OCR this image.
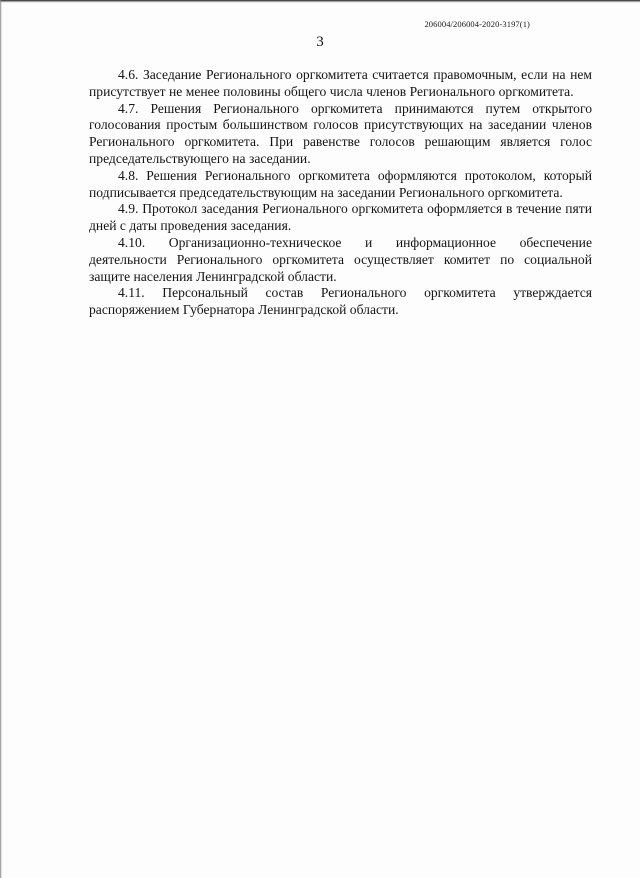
206004/206004-2020-3197(1)
3

4.6. Заседание Регионального оргкомитета считается правомочным, если на нем присутствует не менее половины общего числа членов Регионального оргкомитета.

4.7. Решения Регионального оргкомитета принимаются путем открытого голосования простым большинством голосов присутствующих на заседании членов Регионального оргкомитета. При равенстве голосов решающим является голос председательствующего на заседании.

4.8. Решения Регионального оргкомитета оформляются протоколом, который подписывается председательствующим на заседании Регионального оргкомитета.

4.9. Протокол заседания Регионального оргкомитета оформляется в течение пяти дней с даты проведения заседания.

4.10. Организационно-техническое и информационное обеспечение деятельности Регионального оргкомитета осуществляет комитет по социальной защите населения Ленинградской области.

4.11. Персональный состав Регионального оргкомитета утверждается распоряжением Губернатора Ленинградской области.
